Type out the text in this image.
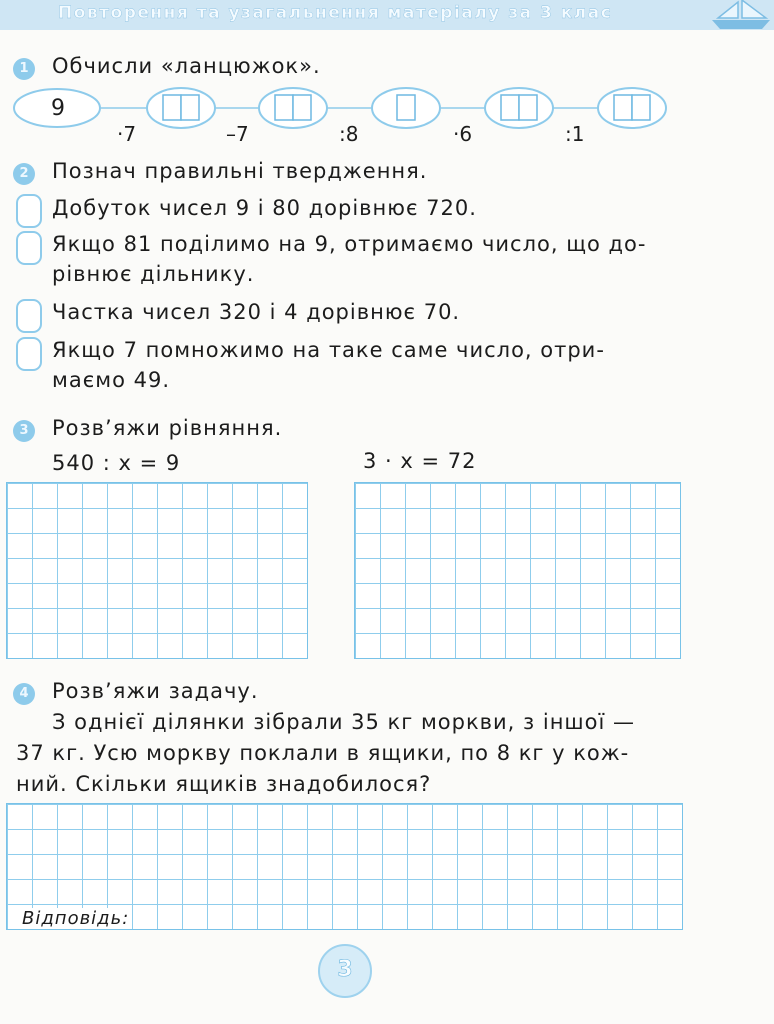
Повторення та узагальнення матеріалу за 3 клас
1	Обчисли «ланцюжок».
9
·7	–7	:8	·6	:1
2	Познач правильні твердження.
Добуток чисел 9 і 80 дорівнює 720.
Якщо 81 поділимо на 9, отримаємо число, що до-
рівнює дільнику.
Частка чисел 320 і 4 дорівнює 70.
Якщо 7 помножимо на таке саме число, отри-
маємо 49.
3	Розв’яжи рівняння.
540 : x = 9	3 · x = 72
4	Розв’яжи задачу.
З однієї ділянки зібрали 35 кг моркви, з іншої —
37 кг. Усю моркву поклали в ящики, по 8 кг у кож-
ний. Скільки ящиків знадобилося?
Відповідь:
3
